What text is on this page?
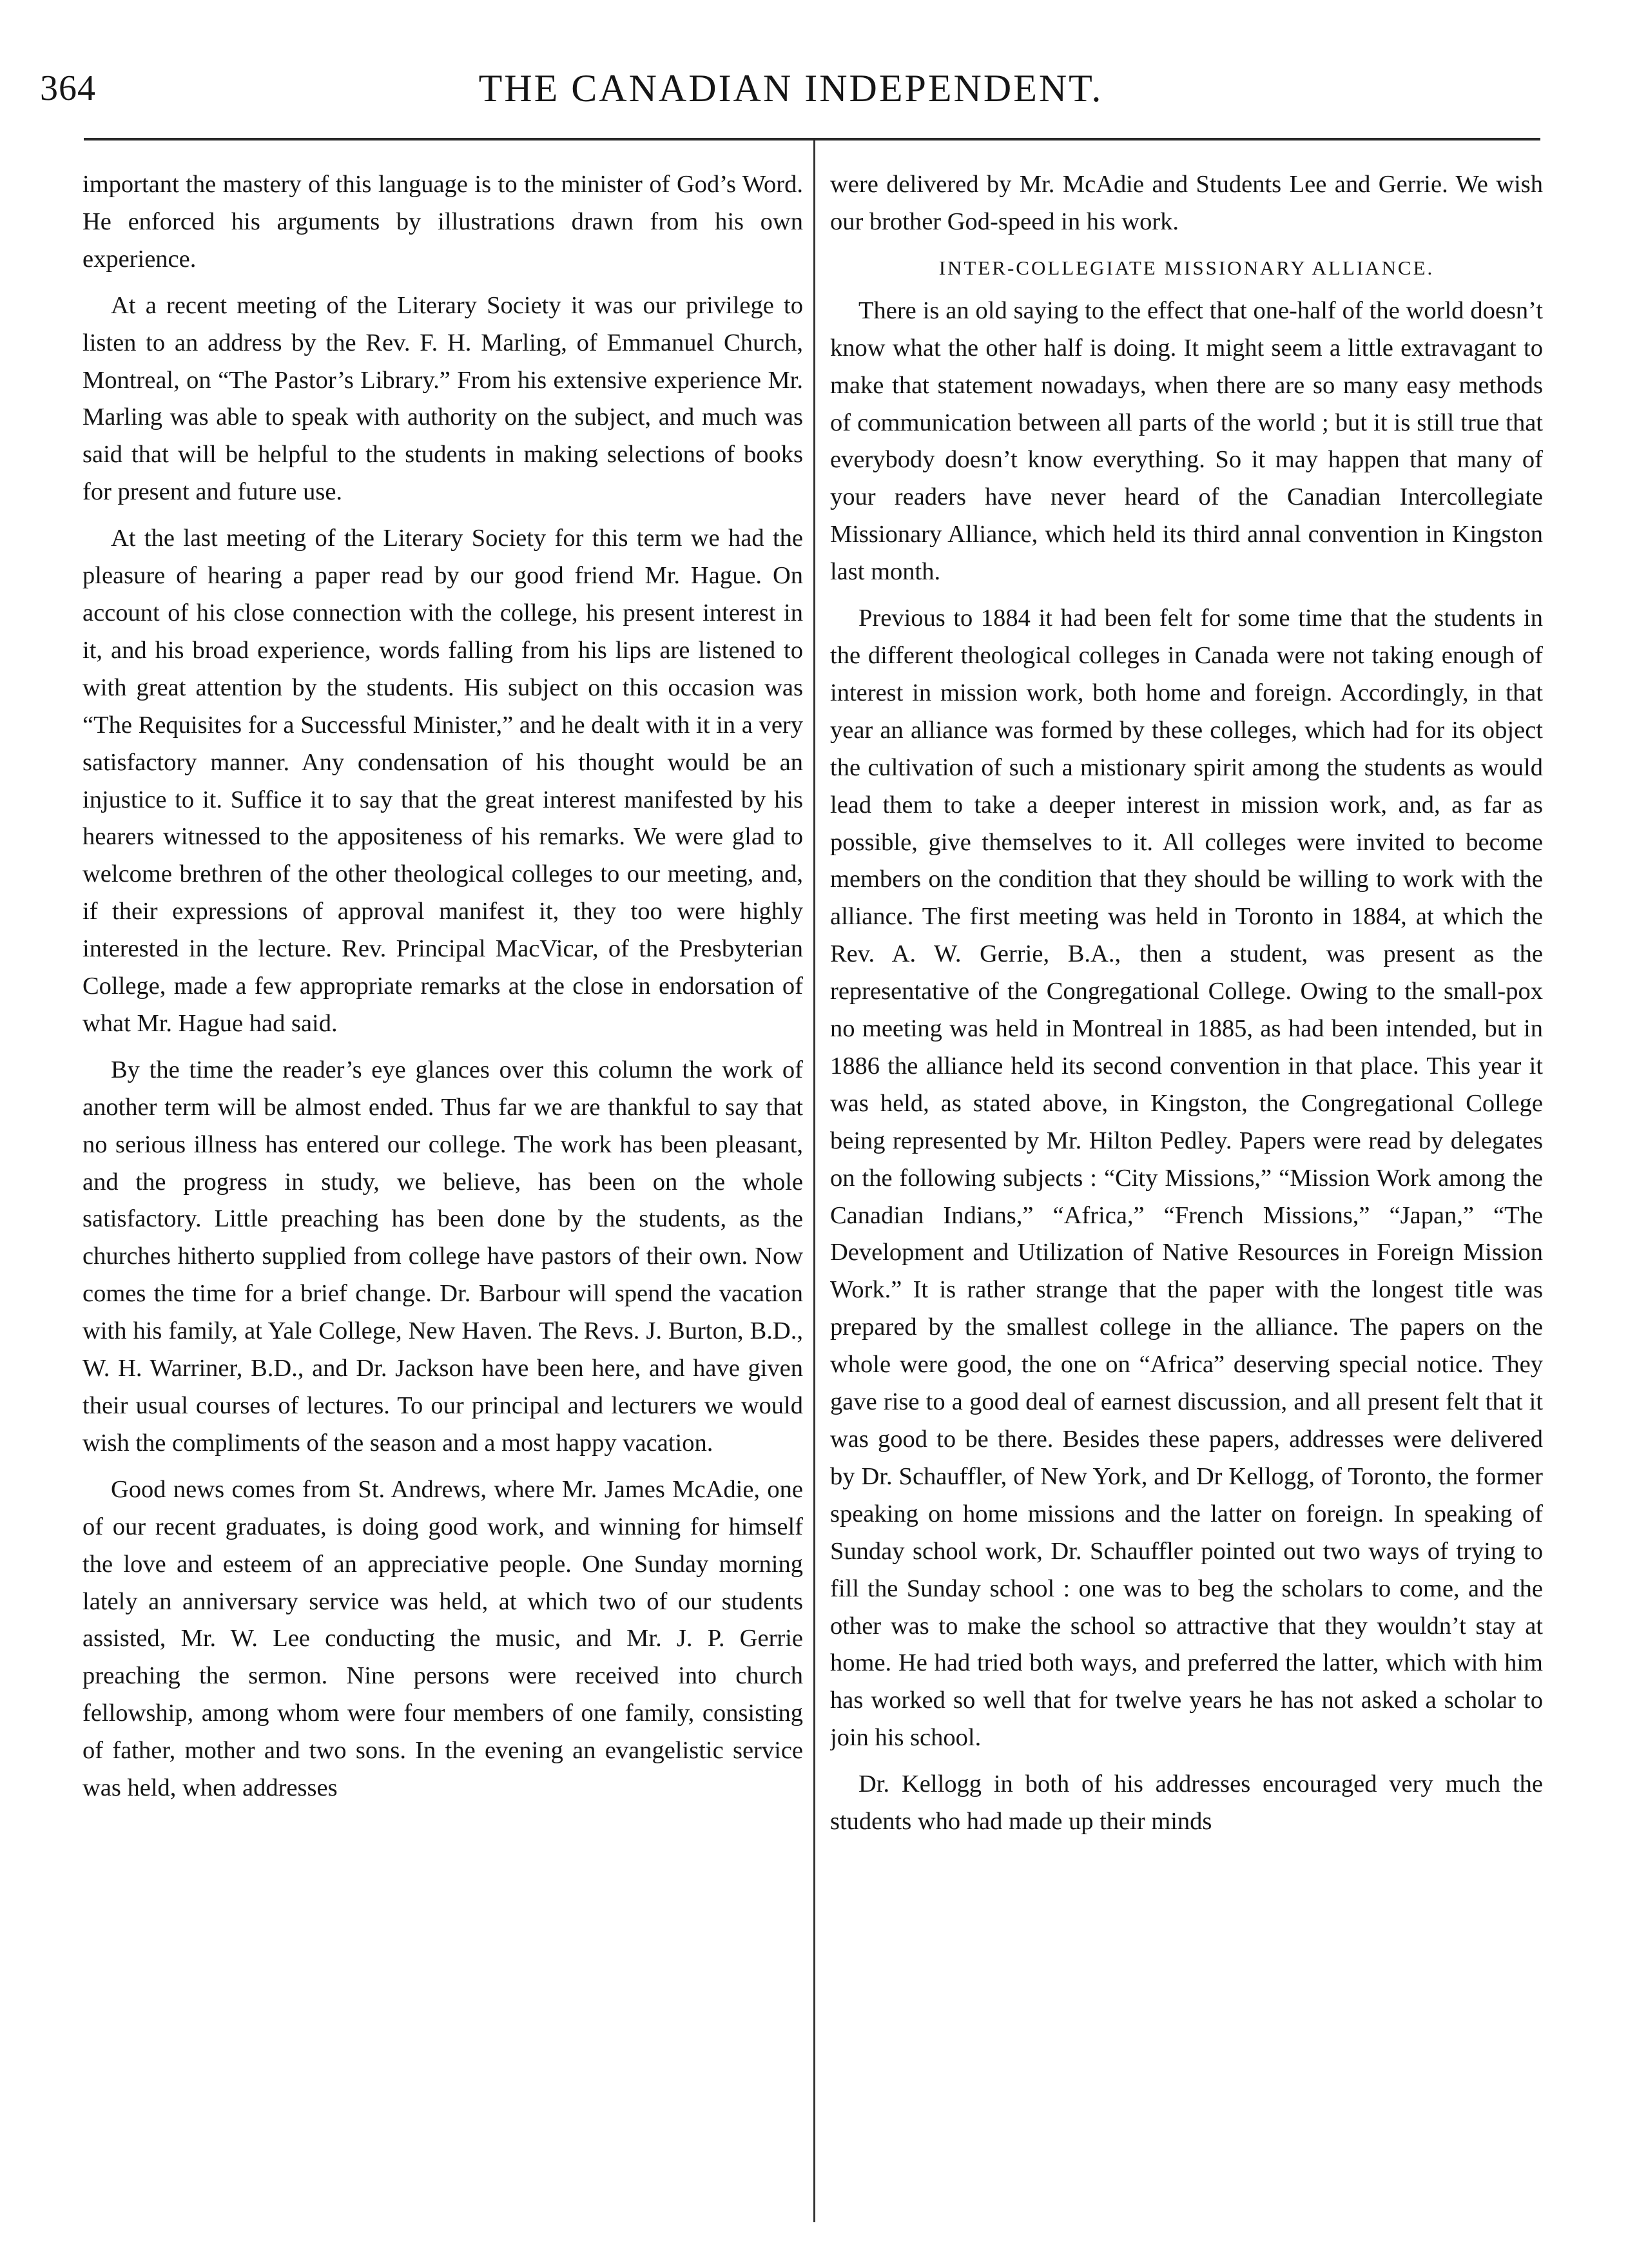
364	THE CANADIAN INDEPENDENT.

important the mastery of this language is to the minister of God’s Word. He enforced his arguments by illustrations drawn from his own experience.

At a recent meeting of the Literary Society it was our privilege to listen to an address by the Rev. F. H. Marling, of Emmanuel Church, Montreal, on “The Pastor’s Library.” From his extensive experience Mr. Marling was able to speak with authority on the subject, and much was said that will be helpful to the students in making selections of books for present and future use.

At the last meeting of the Literary Society for this term we had the pleasure of hearing a paper read by our good friend Mr. Hague. On account of his close connection with the college, his present interest in it, and his broad experience, words falling from his lips are listened to with great attention by the students. His subject on this occasion was “The Requisites for a Successful Minister,” and he dealt with it in a very satisfactory manner. Any condensation of his thought would be an injustice to it. Suffice it to say that the great interest manifested by his hearers witnessed to the appositeness of his remarks. We were glad to welcome brethren of the other theological colleges to our meeting, and, if their expressions of approval manifest it, they too were highly interested in the lecture. Rev. Principal MacVicar, of the Presbyterian College, made a few appropriate remarks at the close in endorsation of what Mr. Hague had said.

By the time the reader’s eye glances over this column the work of another term will be almost ended. Thus far we are thankful to say that no serious illness has entered our college. The work has been pleasant, and the progress in study, we believe, has been on the whole satisfactory. Little preaching has been done by the students, as the churches hitherto supplied from college have pastors of their own. Now comes the time for a brief change. Dr. Barbour will spend the vacation with his family, at Yale College, New Haven. The Revs. J. Burton, B.D., W. H. Warriner, B.D., and Dr. Jackson have been here, and have given their usual courses of lectures. To our principal and lecturers we would wish the compliments of the season and a most happy vacation.

Good news comes from St. Andrews, where Mr. James McAdie, one of our recent graduates, is doing good work, and winning for himself the love and esteem of an appreciative people. One Sunday morning lately an anniversary service was held, at which two of our students assisted, Mr. W. Lee conducting the music, and Mr. J. P. Gerrie preaching the sermon. Nine persons were received into church fellowship, among whom were four members of one family, consisting of father, mother and two sons. In the evening an evangelistic service was held, when addresses

were delivered by Mr. McAdie and Students Lee and Gerrie. We wish our brother God-speed in his work.

INTER-COLLEGIATE MISSIONARY ALLIANCE.

There is an old saying to the effect that one-half of the world doesn’t know what the other half is doing. It might seem a little extravagant to make that statement nowadays, when there are so many easy methods of communication between all parts of the world ; but it is still true that everybody doesn’t know everything. So it may happen that many of your readers have never heard of the Canadian Intercollegiate Missionary Alliance, which held its third annal convention in Kingston last month.

Previous to 1884 it had been felt for some time that the students in the different theological colleges in Canada were not taking enough of interest in mission work, both home and foreign. Accordingly, in that year an alliance was formed by these colleges, which had for its object the cultivation of such a mistionary spirit among the students as would lead them to take a deeper interest in mission work, and, as far as possible, give themselves to it. All colleges were invited to become members on the condition that they should be willing to work with the alliance. The first meeting was held in Toronto in 1884, at which the Rev. A. W. Gerrie, B.A., then a student, was present as the representative of the Congregational College. Owing to the small-pox no meeting was held in Montreal in 1885, as had been intended, but in 1886 the alliance held its second convention in that place. This year it was held, as stated above, in Kingston, the Congregational College being represented by Mr. Hilton Pedley. Papers were read by delegates on the following subjects : “City Missions,” “Mission Work among the Canadian Indians,” “Africa,” “French Missions,” “Japan,” “The Development and Utilization of Native Resources in Foreign Mission Work.” It is rather strange that the paper with the longest title was prepared by the smallest college in the alliance. The papers on the whole were good, the one on “Africa” deserving special notice. They gave rise to a good deal of earnest discussion, and all present felt that it was good to be there. Besides these papers, addresses were delivered by Dr. Schauffler, of New York, and Dr Kellogg, of Toronto, the former speaking on home missions and the latter on foreign. In speaking of Sunday school work, Dr. Schauffler pointed out two ways of trying to fill the Sunday school : one was to beg the scholars to come, and the other was to make the school so attractive that they wouldn’t stay at home. He had tried both ways, and preferred the latter, which with him has worked so well that for twelve years he has not asked a scholar to join his school.

Dr. Kellogg in both of his addresses encouraged very much the students who had made up their minds
